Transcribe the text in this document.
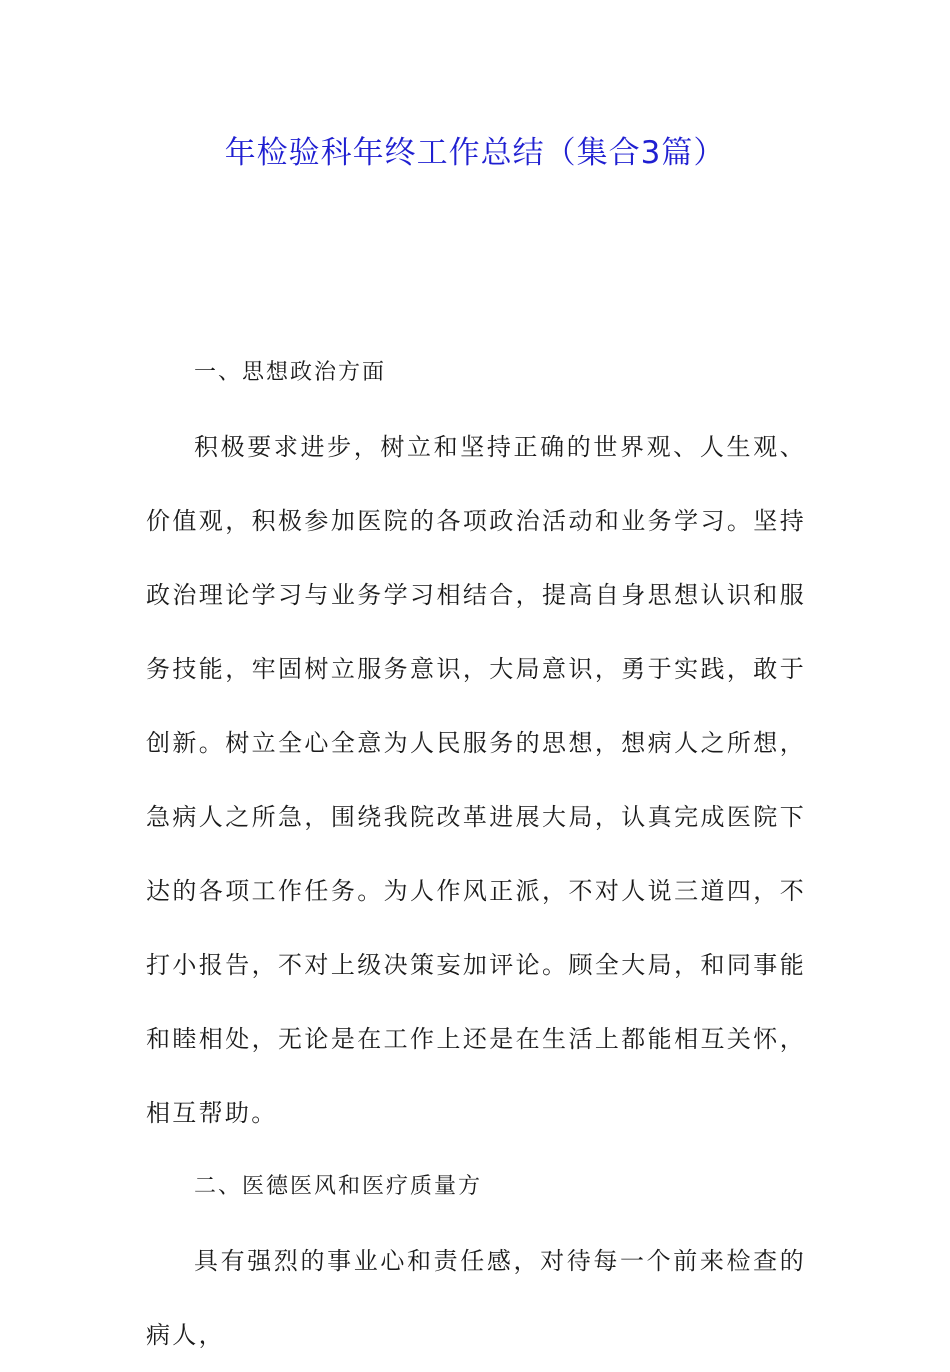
年检验科年终工作总结（集合3篇）

一、思想政治方面

积极要求进步，树立和坚持正确的世界观、人生观、价值观，积极参加医院的各项政治活动和业务学习。坚持政治理论学习与业务学习相结合，提高自身思想认识和服务技能，牢固树立服务意识，大局意识，勇于实践，敢于创新。树立全心全意为人民服务的思想，想病人之所想，急病人之所急，围绕我院改革进展大局，认真完成医院下达的各项工作任务。为人作风正派，不对人说三道四，不打小报告，不对上级决策妄加评论。顾全大局，和同事能和睦相处，无论是在工作上还是在生活上都能相互关怀，相互帮助。

二、医德医风和医疗质量方

具有强烈的事业心和责任感，对待每一个前来检查的病人，
